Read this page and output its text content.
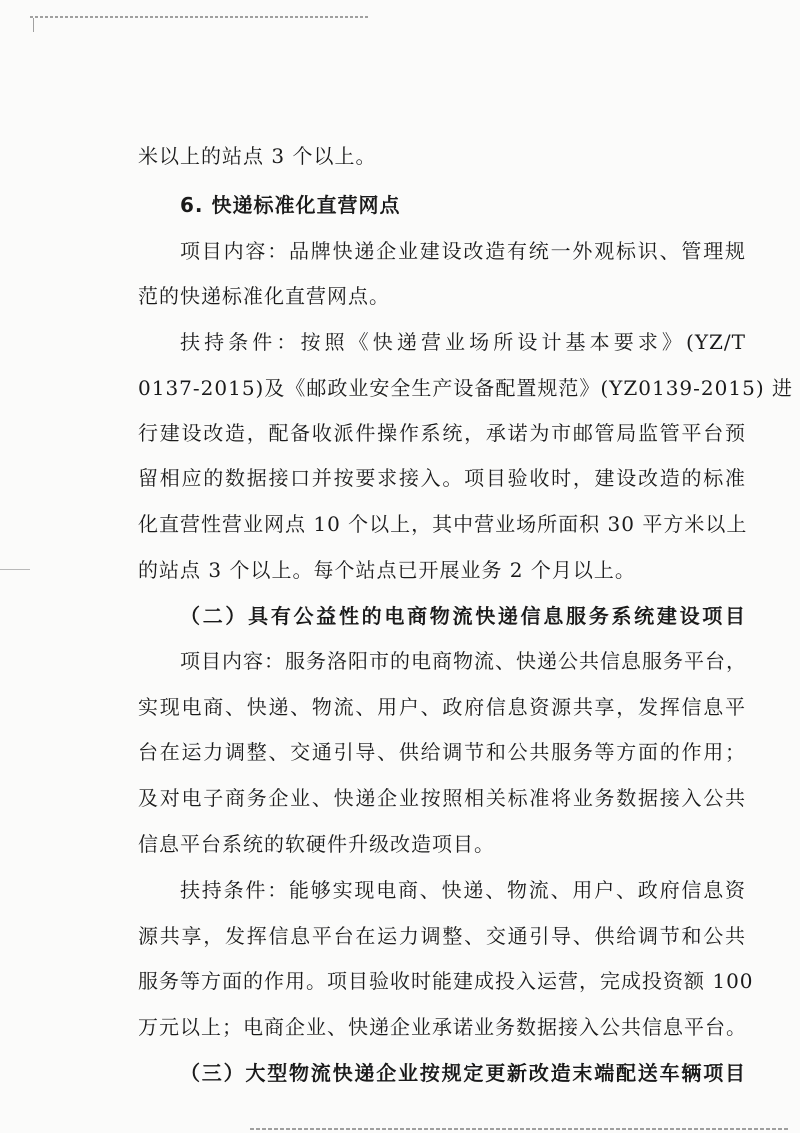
米以上的站点 3 个以上。
6. 快递标准化直营网点
项目内容：品牌快递企业建设改造有统一外观标识、管理规
范的快递标准化直营网点。
扶持条件：按照《快递营业场所设计基本要求》(YZ/T
0137-2015)及《邮政业安全生产设备配置规范》(YZ0139-2015) 进
行建设改造，配备收派件操作系统，承诺为市邮管局监管平台预
留相应的数据接口并按要求接入。项目验收时，建设改造的标准
化直营性营业网点 10 个以上，其中营业场所面积 30 平方米以上
的站点 3 个以上。每个站点已开展业务 2 个月以上。
（二）具有公益性的电商物流快递信息服务系统建设项目
项目内容：服务洛阳市的电商物流、快递公共信息服务平台，
实现电商、快递、物流、用户、政府信息资源共享，发挥信息平
台在运力调整、交通引导、供给调节和公共服务等方面的作用；
及对电子商务企业、快递企业按照相关标准将业务数据接入公共
信息平台系统的软硬件升级改造项目。
扶持条件：能够实现电商、快递、物流、用户、政府信息资
源共享，发挥信息平台在运力调整、交通引导、供给调节和公共
服务等方面的作用。项目验收时能建成投入运营，完成投资额 100
万元以上；电商企业、快递企业承诺业务数据接入公共信息平台。
（三）大型物流快递企业按规定更新改造末端配送车辆项目
